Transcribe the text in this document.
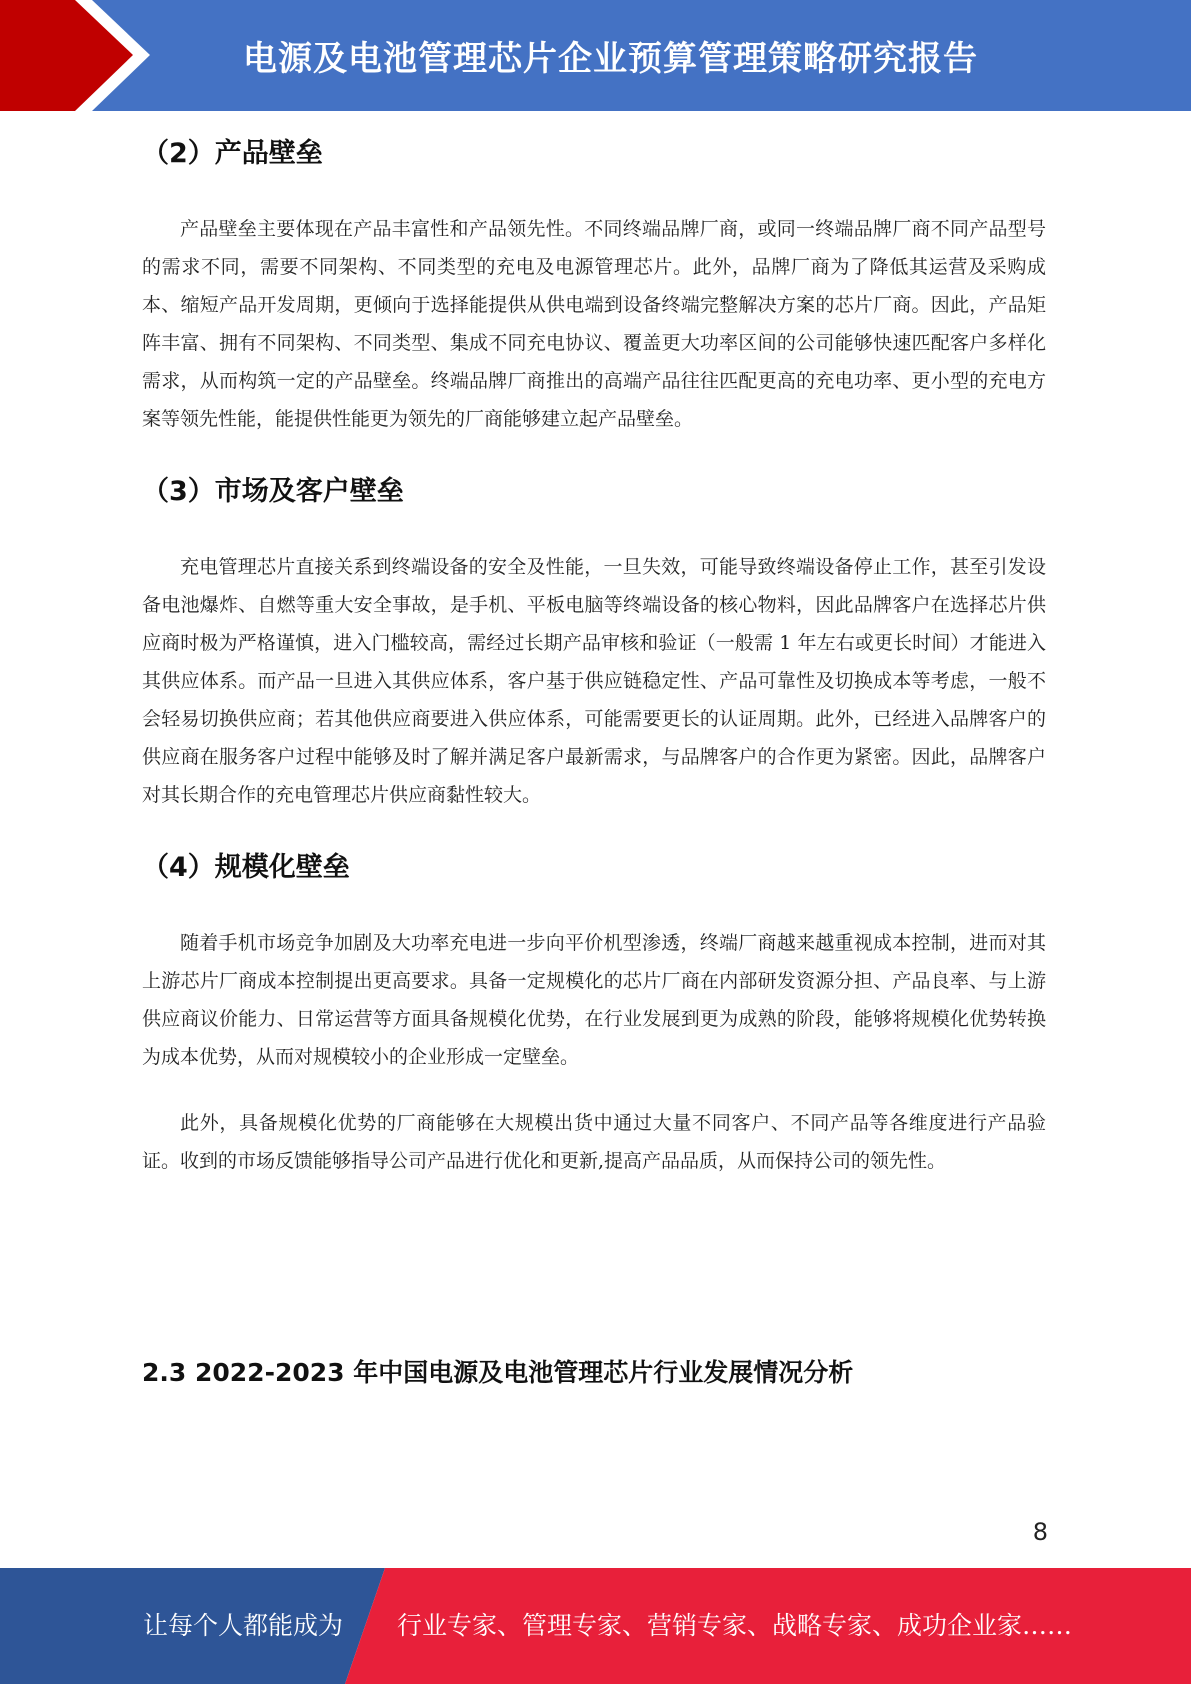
电源及电池管理芯片企业预算管理策略研究报告
（2）产品壁垒

产品壁垒主要体现在产品丰富性和产品领先性。不同终端品牌厂商，或同一终端品牌厂商不同产品型号的需求不同，需要不同架构、不同类型的充电及电源管理芯片。此外，品牌厂商为了降低其运营及采购成本、缩短产品开发周期，更倾向于选择能提供从供电端到设备终端完整解决方案的芯片厂商。因此，产品矩阵丰富、拥有不同架构、不同类型、集成不同充电协议、覆盖更大功率区间的公司能够快速匹配客户多样化需求，从而构筑一定的产品壁垒。终端品牌厂商推出的高端产品往往匹配更高的充电功率、更小型的充电方案等领先性能，能提供性能更为领先的厂商能够建立起产品壁垒。

（3）市场及客户壁垒

充电管理芯片直接关系到终端设备的安全及性能，一旦失效，可能导致终端设备停止工作，甚至引发设备电池爆炸、自燃等重大安全事故，是手机、平板电脑等终端设备的核心物料，因此品牌客户在选择芯片供应商时极为严格谨慎，进入门槛较高，需经过长期产品审核和验证（一般需 1 年左右或更长时间）才能进入其供应体系。而产品一旦进入其供应体系，客户基于供应链稳定性、产品可靠性及切换成本等考虑，一般不会轻易切换供应商；若其他供应商要进入供应体系，可能需要更长的认证周期。此外，已经进入品牌客户的供应商在服务客户过程中能够及时了解并满足客户最新需求，与品牌客户的合作更为紧密。因此，品牌客户对其长期合作的充电管理芯片供应商黏性较大。

（4）规模化壁垒

随着手机市场竞争加剧及大功率充电进一步向平价机型渗透，终端厂商越来越重视成本控制，进而对其上游芯片厂商成本控制提出更高要求。具备一定规模化的芯片厂商在内部研发资源分担、产品良率、与上游供应商议价能力、日常运营等方面具备规模化优势，在行业发展到更为成熟的阶段，能够将规模化优势转换为成本优势，从而对规模较小的企业形成一定壁垒。

此外，具备规模化优势的厂商能够在大规模出货中通过大量不同客户、不同产品等各维度进行产品验证。收到的市场反馈能够指导公司产品进行优化和更新,提高产品品质，从而保持公司的领先性。

2.3 2022-2023 年中国电源及电池管理芯片行业发展情况分析
8
让每个人都能成为 行业专家、管理专家、营销专家、战略专家、成功企业家……
